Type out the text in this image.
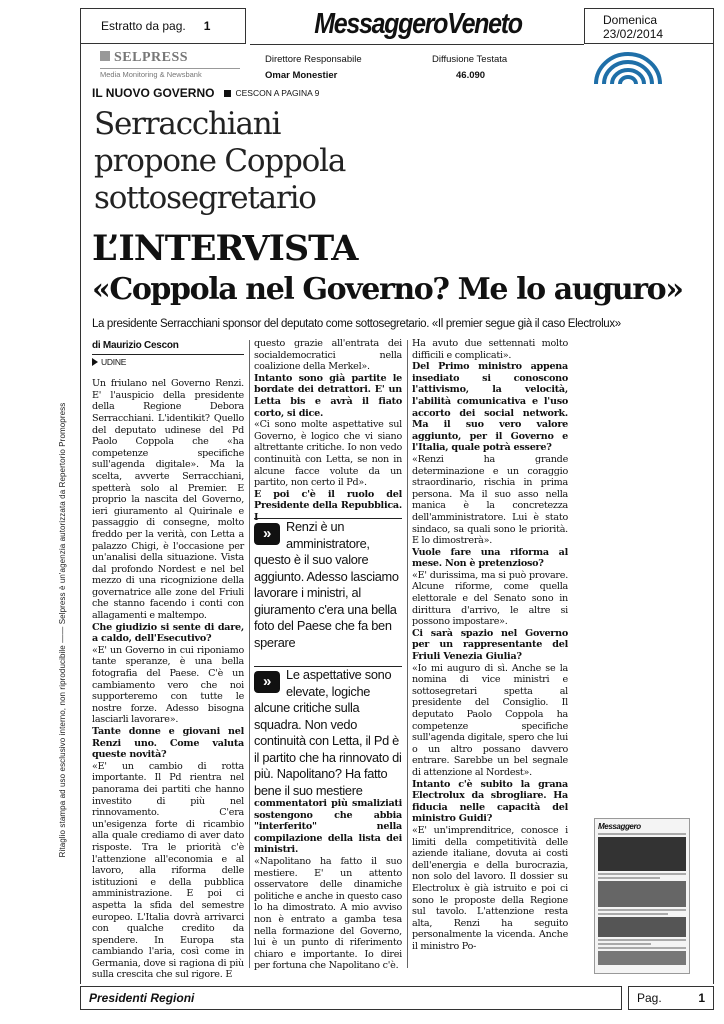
Ritaglio stampa ad uso esclusivo interno, non riproducibile —— Selpress è un'agenzia autorizzata da Repertorio Promopress
Estratto da pag. 1	MessaggeroVeneto	Domenica
23/02/2014
SELPRESS
Media Monitoring & Newsbank
Direttore Responsabile
Omar Monestier
Diffusione Testata
46.090
IL NUOVO GOVERNO CESCON A PAGINA 9
Serracchiani propone Coppola sottosegretario
L’INTERVISTA
«Coppola nel Governo? Me lo auguro»
La presidente Serracchiani sponsor del deputato come sottosegretario. «Il premier segue già il caso Electrolux»
di Maurizio Cescon
UDINE

Un friulano nel Governo Renzi. E' l'auspicio della presidente della Regione Debora Serracchiani. L'identikit? Quello del deputato udinese del Pd Paolo Coppola che «ha competenze specifiche sull'agenda digitale». Ma la scelta, avverte Serracchiani, spetterà solo al Premier. E proprio la nascita del Governo, ieri giuramento al Quirinale e passaggio di consegne, molto freddo per la verità, con Letta a palazzo Chigi, è l'occasione per un'analisi della situazione. Vista dal profondo Nordest e nel bel mezzo di una ricognizione della governatrice alle zone del Friuli che stanno facendo i conti con allagamenti e maltempo.

Che giudizio si sente di dare, a caldo, dell'Esecutivo?

«E' un Governo in cui riponiamo tante speranze, è una bella fotografia del Paese. C'è un cambiamento vero che noi supporteremo con tutte le nostre forze. Adesso bisogna lasciarli lavorare».

Tante donne e giovani nel Renzi uno. Come valuta queste novità?

«E' un cambio di rotta importante. Il Pd rientra nel panorama dei partiti che hanno investito di più nel rinnovamento. C'era un'esigenza forte di ricambio alla quale crediamo di aver dato risposte. Tra le priorità c'è l'attenzione all'economia e al lavoro, alla riforma delle istituzioni e della pubblica amministrazione. E poi ci aspetta la sfida del semestre europeo. L'Italia dovrà arrivarci con qualche credito da spendere. In Europa sta cambiando l'aria, così come in Germania, dove si ragiona di più sulla crescita che sul rigore. E

questo grazie all'entrata dei socialdemocratici nella coalizione della Merkel».

Intanto sono già partite le bordate dei detrattori. E' un Letta bis e avrà il fiato corto, si dice.

«Ci sono molte aspettative sul Governo, è logico che vi siano altrettante critiche. Io non vedo continuità con Letta, se non in alcune facce volute da un partito, non certo il Pd».

E poi c'è il ruolo del Presidente della Repubblica. I

»	Renzi è un amministratore, questo è il suo valore aggiunto. Adesso lasciamo lavorare i ministri, al giuramento c'era una bella foto del Paese che fa ben sperare
»	Le aspettative sono elevate, logiche alcune critiche sulla squadra. Non vedo continuità con Letta, il Pd è il partito che ha rinnovato di più. Napolitano? Ha fatto bene il suo mestiere

commentatori più smaliziati sostengono che abbia "interferito" nella compilazione della lista dei ministri.

«Napolitano ha fatto il suo mestiere. E' un attento osservatore delle dinamiche politiche e anche in questo caso lo ha dimostrato. A mio avviso non è entrato a gamba tesa nella formazione del Governo, lui è un punto di riferimento chiaro e importante. Io direi per fortuna che Napolitano c'è.

Ha avuto due settennati molto difficili e complicati».

Del Primo ministro appena insediato si conoscono l'attivismo, la velocità, l'abilità comunicativa e l'uso accorto dei social network. Ma il suo vero valore aggiunto, per il Governo e l'Italia, quale potrà essere?

«Renzi ha grande determinazione e un coraggio straordinario, rischia in prima persona. Ma il suo asso nella manica è la concretezza dell'amministratore. Lui è stato sindaco, sa quali sono le priorità. E lo dimostrerà».

Vuole fare una riforma al mese. Non è pretenzioso?

«E' durissima, ma si può provare. Alcune riforme, come quella elettorale e del Senato sono in dirittura d'arrivo, le altre si possono impostare».

Ci sarà spazio nel Governo per un rappresentante del Friuli Venezia Giulia?

«Io mi auguro di sì. Anche se la nomina di vice ministri e sottosegretari spetta al presidente del Consiglio. Il deputato Paolo Coppola ha competenze specifiche sull'agenda digitale, spero che lui o un altro possano davvero entrare. Sarebbe un bel segnale di attenzione al Nordest».

Intanto c'è subito la grana Electrolux da sbrogliare. Ha fiducia nelle capacità del ministro Guidi?

«E' un'imprenditrice, conosce i limiti della competitività delle aziende italiane, dovuta ai costi dell'energia e della burocrazia, non solo del lavoro. Il dossier su Electrolux è già istruito e poi ci sono le proposte della Regione sul tavolo. L'attenzione resta alta, Renzi ha seguito personalmente la vicenda. Anche il ministro Po-

Messaggero
Presidenti Regioni	Pag.	1
